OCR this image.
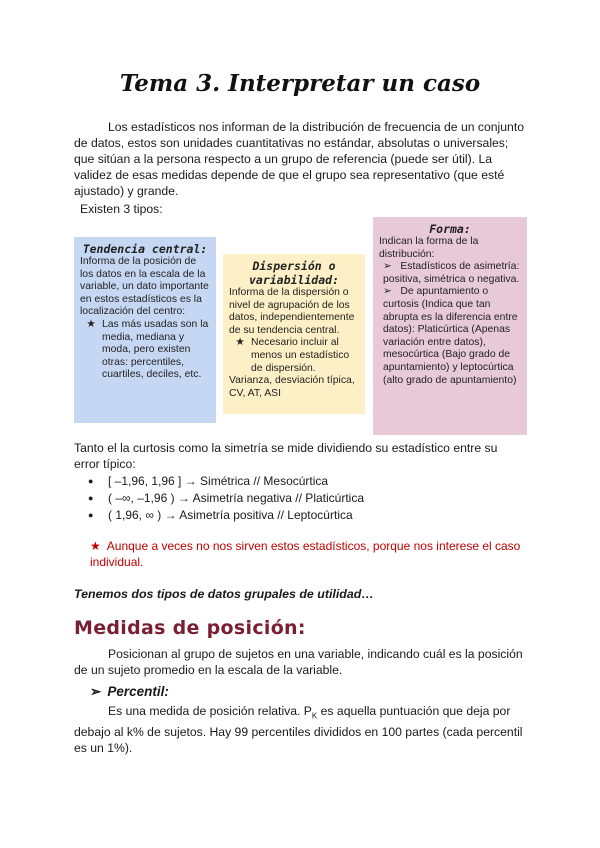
Tema 3. Interpretar un caso

Los estadísticos nos informan de la distribución de frecuencia de un conjunto de datos, estos son unidades cuantitativas no estándar, absolutas o universales; que sitúan a la persona respecto a un grupo de referencia (puede ser útil). La validez de esas medidas depende de que el grupo sea representativo (que esté ajustado) y grande.

Existen 3 tipos:

Tendencia central:
Informa de la posición de los datos en la escala de la variable, un dato importante en estos estadísticos es la localización del centro:
★ Las más usadas son la media, mediana y moda, pero existen otras: percentiles, cuartiles, deciles, etc.
Dispersión o variabilidad:
Informa de la dispersión o nivel de agrupación de los datos, independientemente de su tendencia central.
★ Necesario incluir al menos un estadístico de dispersión.
Varianza, desviación típica, CV, AT, ASI
Forma:
Indican la forma de la distribución:
➢   Estadísticos de asimetría: positiva, simétrica o negativa.
➢   De apuntamiento o curtosis (Indica que tan abrupta es la diferencia entre datos): Platicúrtica (Apenas variación entre datos), mesocúrtica (Bajo grado de apuntamiento) y leptocúrtica (alto grado de apuntamiento)

Tanto el la curtosis como la simetría se mide dividiendo su estadístico entre su error típico:

● [ –1,96, 1,96 ] → Simétrica // Mesocúrtica
● ( –∞, –1,96 ) → Asimetría negativa // Platicúrtica
● ( 1,96, ∞ ) → Asimetría positiva // Leptocúrtica

★ Aunque a veces no nos sirven estos estadísticos, porque nos interese el caso individual.

Tenemos dos tipos de datos grupales de utilidad…

Medidas de posición:

Posicionan al grupo de sujetos en una variable, indicando cuál es la posición de un sujeto promedio en la escala de la variable.

➢ Percentil:

Es una medida de posición relativa. $P_K$ es aquella puntuación que deja por debajo al k% de sujetos. Hay 99 percentiles divididos en 100 partes (cada percentil es un 1%).
